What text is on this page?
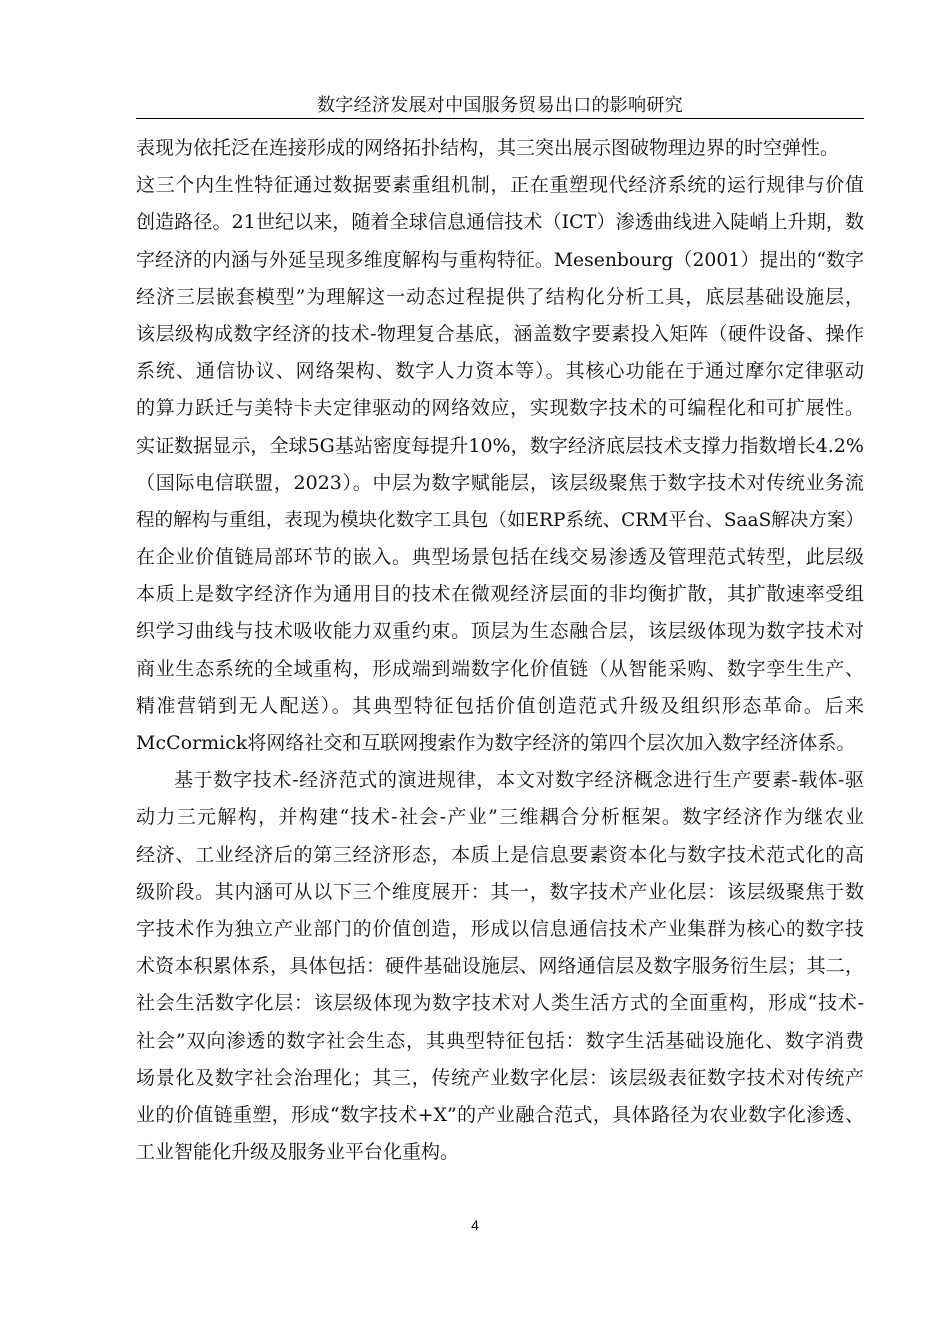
数字经济发展对中国服务贸易出口的影响研究
表现为依托泛在连接形成的网络拓扑结构，其三突出展示图破物理边界的时空弹性。
这三个内生性特征通过数据要素重组机制，正在重塑现代经济系统的运行规律与价值
创造路径。21世纪以来，随着全球信息通信技术（ICT）渗透曲线进入陡峭上升期，数
字经济的内涵与外延呈现多维度解构与重构特征。Mesenbourg（2001）提出的“数字
经济三层嵌套模型”为理解这一动态过程提供了结构化分析工具，底层基础设施层，
该层级构成数字经济的技术-物理复合基底，涵盖数字要素投入矩阵（硬件设备、操作
系统、通信协议、网络架构、数字人力资本等）。其核心功能在于通过摩尔定律驱动
的算力跃迁与美特卡夫定律驱动的网络效应，实现数字技术的可编程化和可扩展性。
实证数据显示，全球5G基站密度每提升10%，数字经济底层技术支撑力指数增长4.2%
（国际电信联盟，2023）。中层为数字赋能层，该层级聚焦于数字技术对传统业务流
程的解构与重组，表现为模块化数字工具包（如ERP系统、CRM平台、SaaS解决方案）
在企业价值链局部环节的嵌入。典型场景包括在线交易渗透及管理范式转型，此层级
本质上是数字经济作为通用目的技术在微观经济层面的非均衡扩散，其扩散速率受组
织学习曲线与技术吸收能力双重约束。顶层为生态融合层，该层级体现为数字技术对
商业生态系统的全域重构，形成端到端数字化价值链（从智能采购、数字孪生生产、
精准营销到无人配送）。其典型特征包括价值创造范式升级及组织形态革命。后来
McCormick将网络社交和互联网搜索作为数字经济的第四个层次加入数字经济体系。
基于数字技术-经济范式的演进规律，本文对数字经济概念进行生产要素-载体-驱
动力三元解构，并构建“技术-社会-产业”三维耦合分析框架。数字经济作为继农业
经济、工业经济后的第三经济形态，本质上是信息要素资本化与数字技术范式化的高
级阶段。其内涵可从以下三个维度展开：其一，数字技术产业化层：该层级聚焦于数
字技术作为独立产业部门的价值创造，形成以信息通信技术产业集群为核心的数字技
术资本积累体系，具体包括：硬件基础设施层、网络通信层及数字服务衍生层；其二，
社会生活数字化层：该层级体现为数字技术对人类生活方式的全面重构，形成“技术-
社会”双向渗透的数字社会生态，其典型特征包括：数字生活基础设施化、数字消费
场景化及数字社会治理化；其三，传统产业数字化层：该层级表征数字技术对传统产
业的价值链重塑，形成“数字技术+X”的产业融合范式，具体路径为农业数字化渗透、
工业智能化升级及服务业平台化重构。
4
